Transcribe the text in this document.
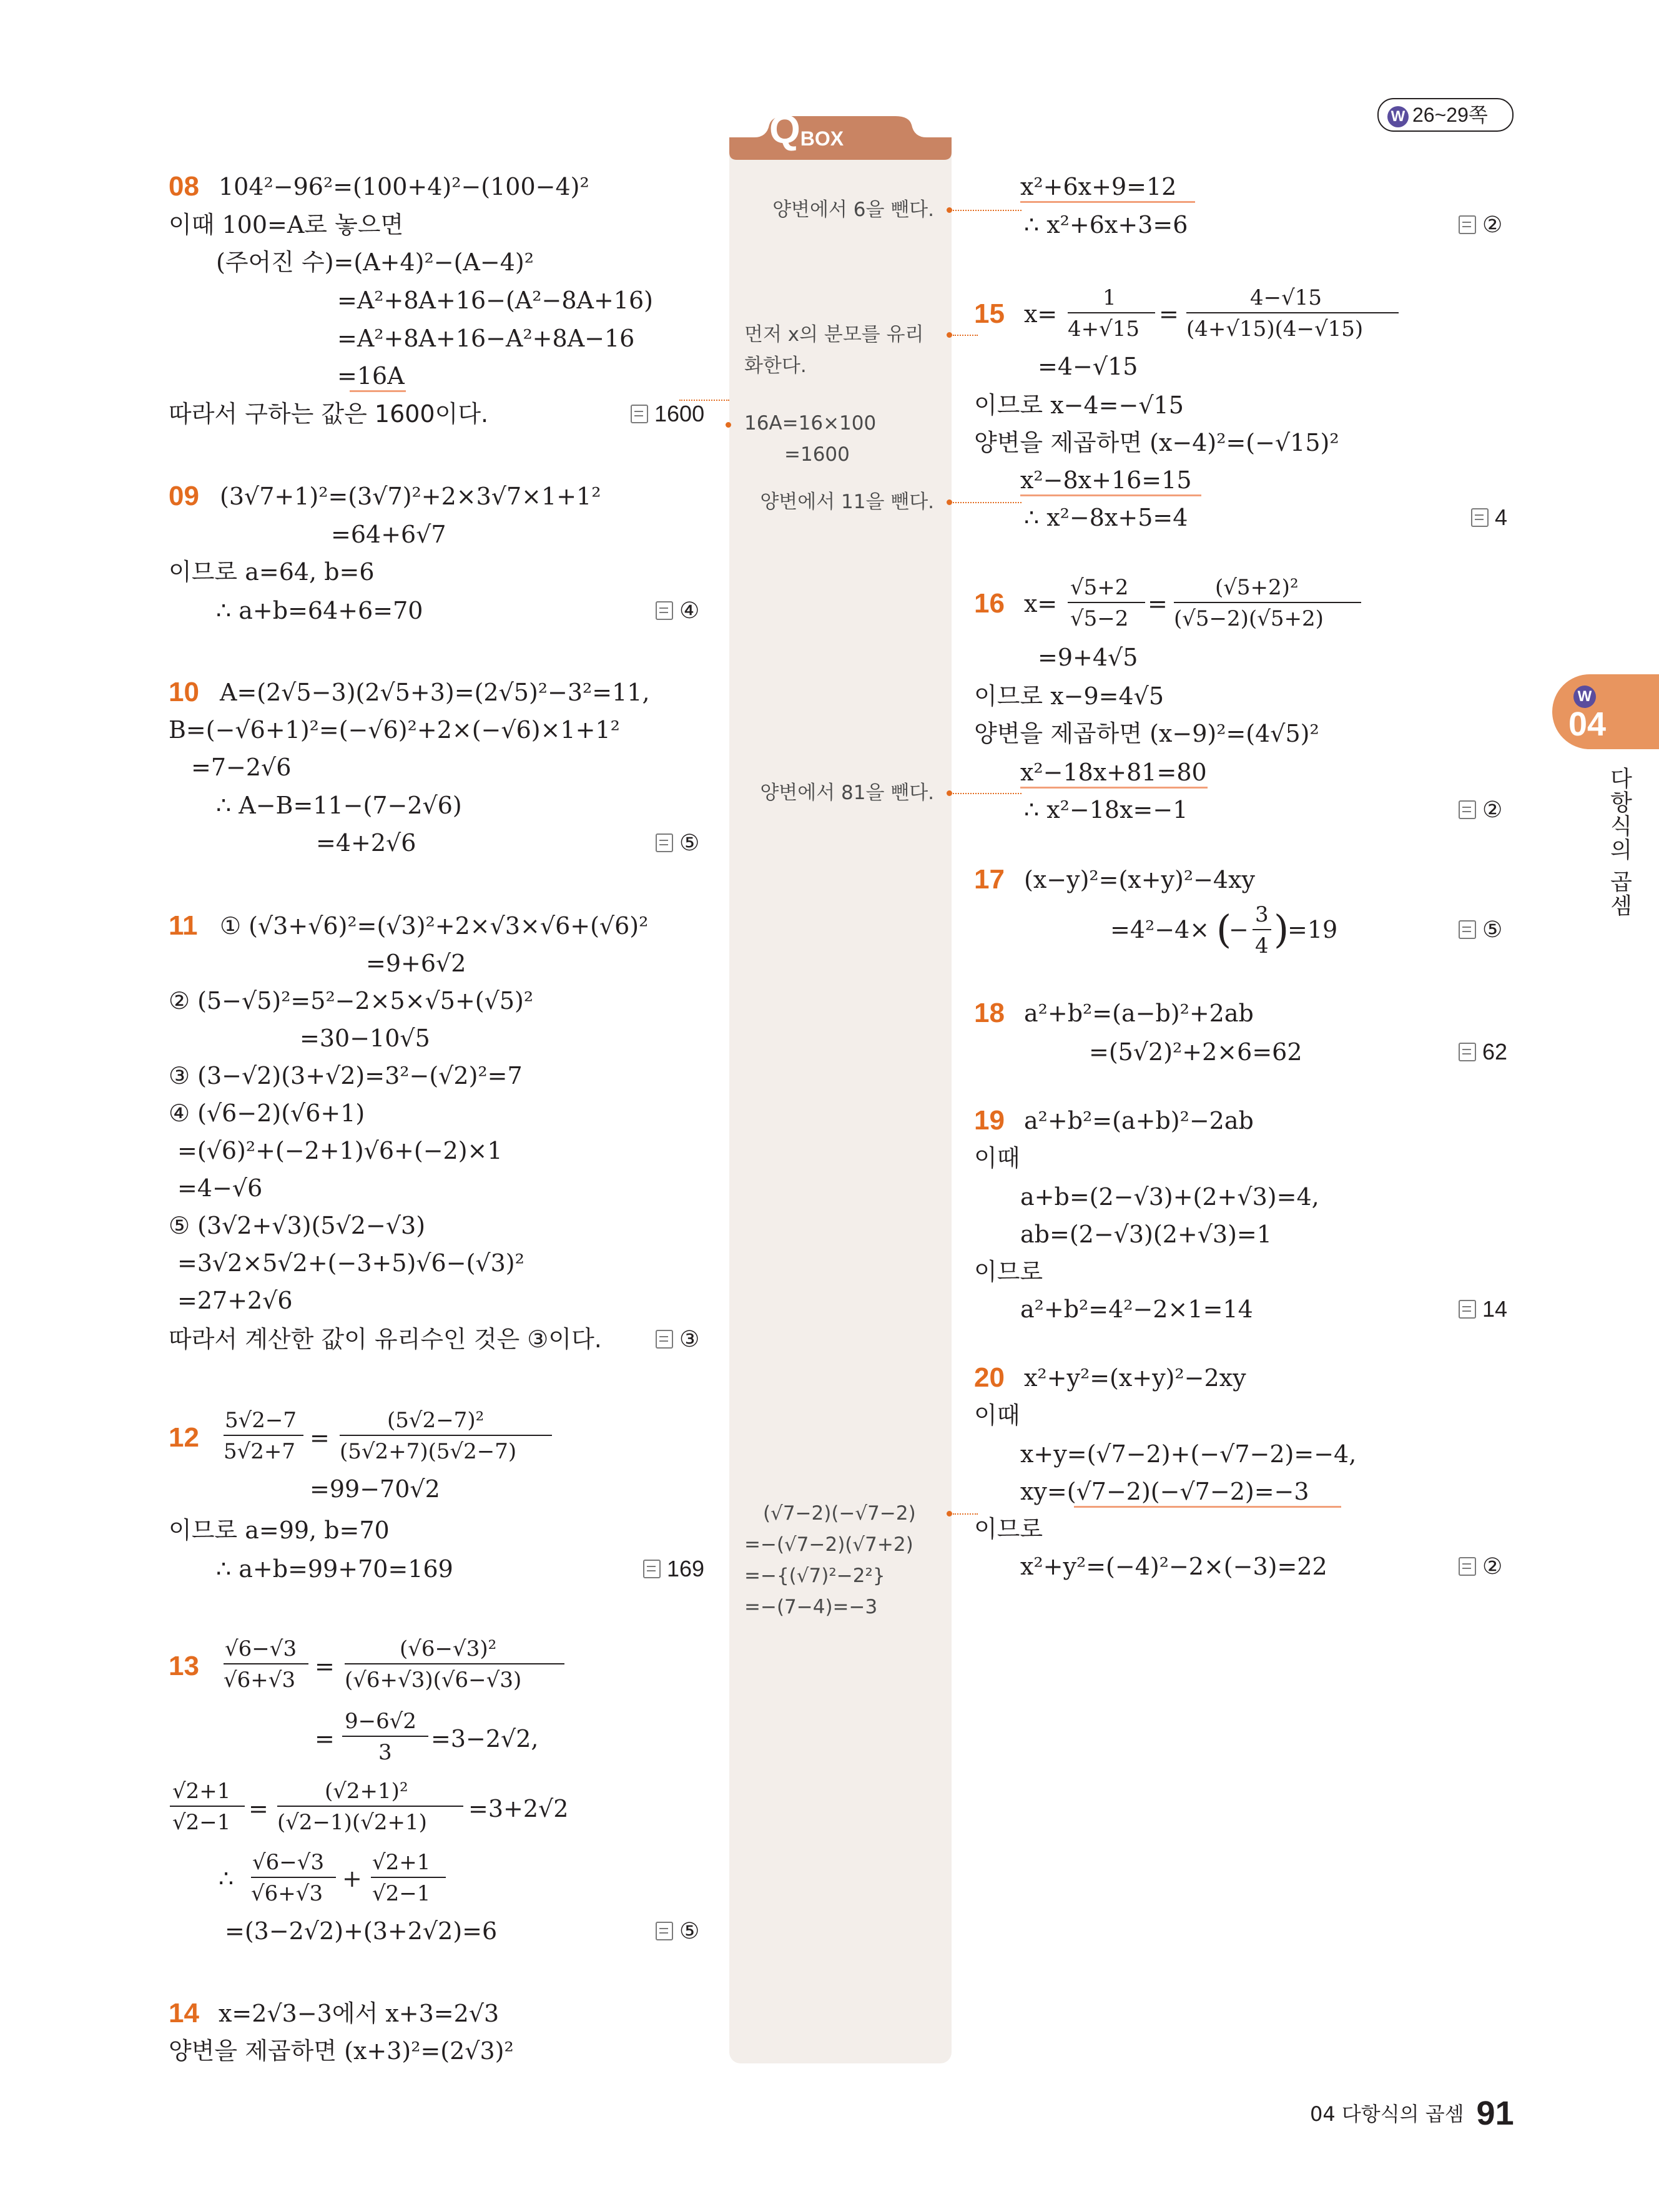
W 26~29쪽
QBOX
08 104²−96²=(100+4)²−(100−4)²
이때 100=A로 놓으면
(주어진 수)=(A+4)²−(A−4)²
=A²+8A+16−(A²−8A+16)
=A²+8A+16−A²+8A−16
=16A
따라서 구하는 값은 1600이다.	1600
09 (3√7+1)²=(3√7)²+2×3√7×1+1²
=64+6√7
이므로 a=64, b=6
∴ a+b=64+6=70	④
10 A=(2√5−3)(2√5+3)=(2√5)²−3²=11,
B=(−√6+1)²=(−√6)²+2×(−√6)×1+1²
=7−2√6
∴ A−B=11−(7−2√6)
=4+2√6	⑤
11 ① (√3+√6)²=(√3)²+2×√3×√6+(√6)²
=9+6√2
② (5−√5)²=5²−2×5×√5+(√5)²
=30−10√5
③ (3−√2)(3+√2)=3²−(√2)²=7
④ (√6−2)(√6+1)
=(√6)²+(−2+1)√6+(−2)×1
=4−√6
⑤ (3√2+√3)(5√2−√3)
=3√2×5√2+(−3+5)√6−(√3)²
=27+2√6
따라서 계산한 값이 유리수인 것은 ③이다.	③
12
5√2−7
5√2+7 =
(5√2−7)²
(5√2+7)(5√2−7)
=99−70√2
이므로 a=99, b=70
∴ a+b=99+70=169	169
13
√6−√3
√6+√3 =
(√6−√3)²
(√6+√3)(√6−√3)
=
9−6√2
3 =3−2√2,
√2+1
√2−1 =
(√2+1)²
(√2−1)(√2+1) =3+2√2
∴
√6−√3
√6+√3
+
√2+1
√2−1
=(3−2√2)+(3+2√2)=6	⑤
14 x=2√3−3에서 x+3=2√3
양변을 제곱하면 (x+3)²=(2√3)²
양변에서 6을 뺀다.
먼저 x의 분모를 유리
화한다.
16A=16×100
=1600
양변에서 11을 뺀다.
양변에서 81을 뺀다.
(√7−2)(−√7−2)
=−(√7−2)(√7+2)
=−{(√7)²−2²}
=−(7−4)=−3
x²+6x+9=12
∴ x²+6x+3=6	②
15 x=
1
4+√15
=
4−√15
(4+√15)(4−√15)
=4−√15
이므로 x−4=−√15
양변을 제곱하면 (x−4)²=(−√15)²
x²−8x+16=15
∴ x²−8x+5=4	4
16 x=
√5+2
√5−2
=
(√5+2)²
(√5−2)(√5+2)
=9+4√5
이므로 x−9=4√5
양변을 제곱하면 (x−9)²=(4√5)²
x²−18x+81=80
∴ x²−18x=−1	②
17 (x−y)²=(x+y)²−4xy
=4²−4× (
−
3
4 )
=19	⑤
18 a²+b²=(a−b)²+2ab
=(5√2)²+2×6=62	62
19 a²+b²=(a+b)²−2ab
이때
a+b=(2−√3)+(2+√3)=4,
ab=(2−√3)(2+√3)=1
이므로
a²+b²=4²−2×1=14	14
20 x²+y²=(x+y)²−2xy
이때
x+y=(√7−2)+(−√7−2)=−4,
xy=(√7−2)(−√7−2)=−3
이므로
x²+y²=(−4)²−2×(−3)=22	②
W
04
다항식의 곱셈
04 다항식의 곱셈 91
